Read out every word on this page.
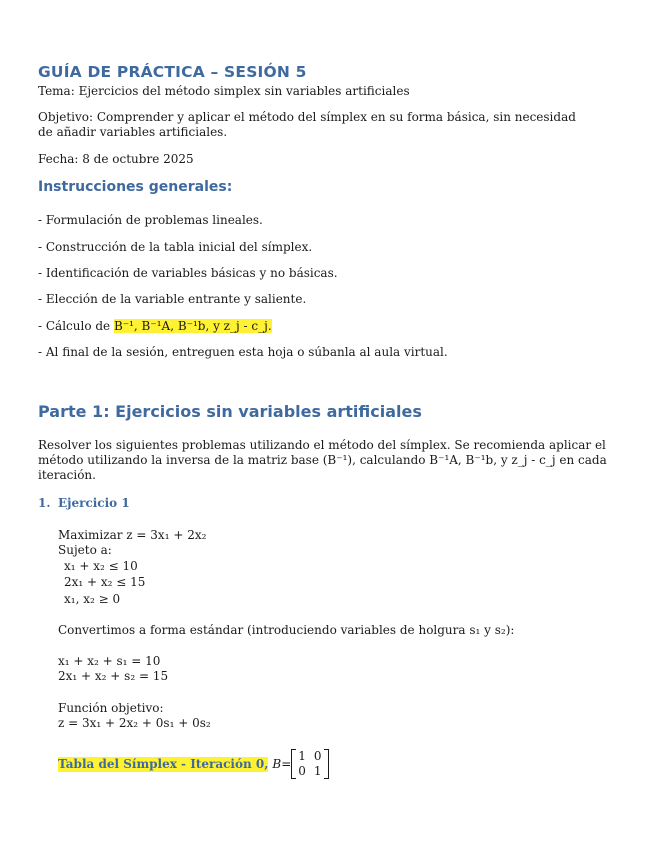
GUÍA DE PRÁCTICA – SESIÓN 5
Tema: Ejercicios del método simplex sin variables artificiales
Objetivo: Comprender y aplicar el método del símplex en su forma básica, sin necesidad de añadir variables artificiales.
Fecha: 8 de octubre 2025
Instrucciones generales:
- Formulación de problemas lineales.
- Construcción de la tabla inicial del símplex.
- Identificación de variables básicas y no básicas.
- Elección de la variable entrante y saliente.
- Cálculo de B⁻¹, B⁻¹A, B⁻¹b, y z_j - c_j.
- Al final de la sesión, entreguen esta hoja o súbanla al aula virtual.
Parte 1: Ejercicios sin variables artificiales
Resolver los siguientes problemas utilizando el método del símplex. Se recomienda aplicar el método utilizando la inversa de la matriz base (B⁻¹), calculando B⁻¹A, B⁻¹b, y z_j - c_j en cada iteración.
1. Ejercicio 1
Maximizar z = 3x₁ + 2x₂
Sujeto a:
x₁ + x₂ ≤ 10
2x₁ + x₂ ≤ 15
x₁, x₂ ≥ 0
Convertimos a forma estándar (introduciendo variables de holgura s₁ y s₂):
x₁ + x₂ + s₁ = 10
2x₁ + x₂ + s₂ = 15
Función objetivo:
z = 3x₁ + 2x₂ + 0s₁ + 0s₂
Tabla del Símplex - Iteración 0, B=
1 0
0 1
